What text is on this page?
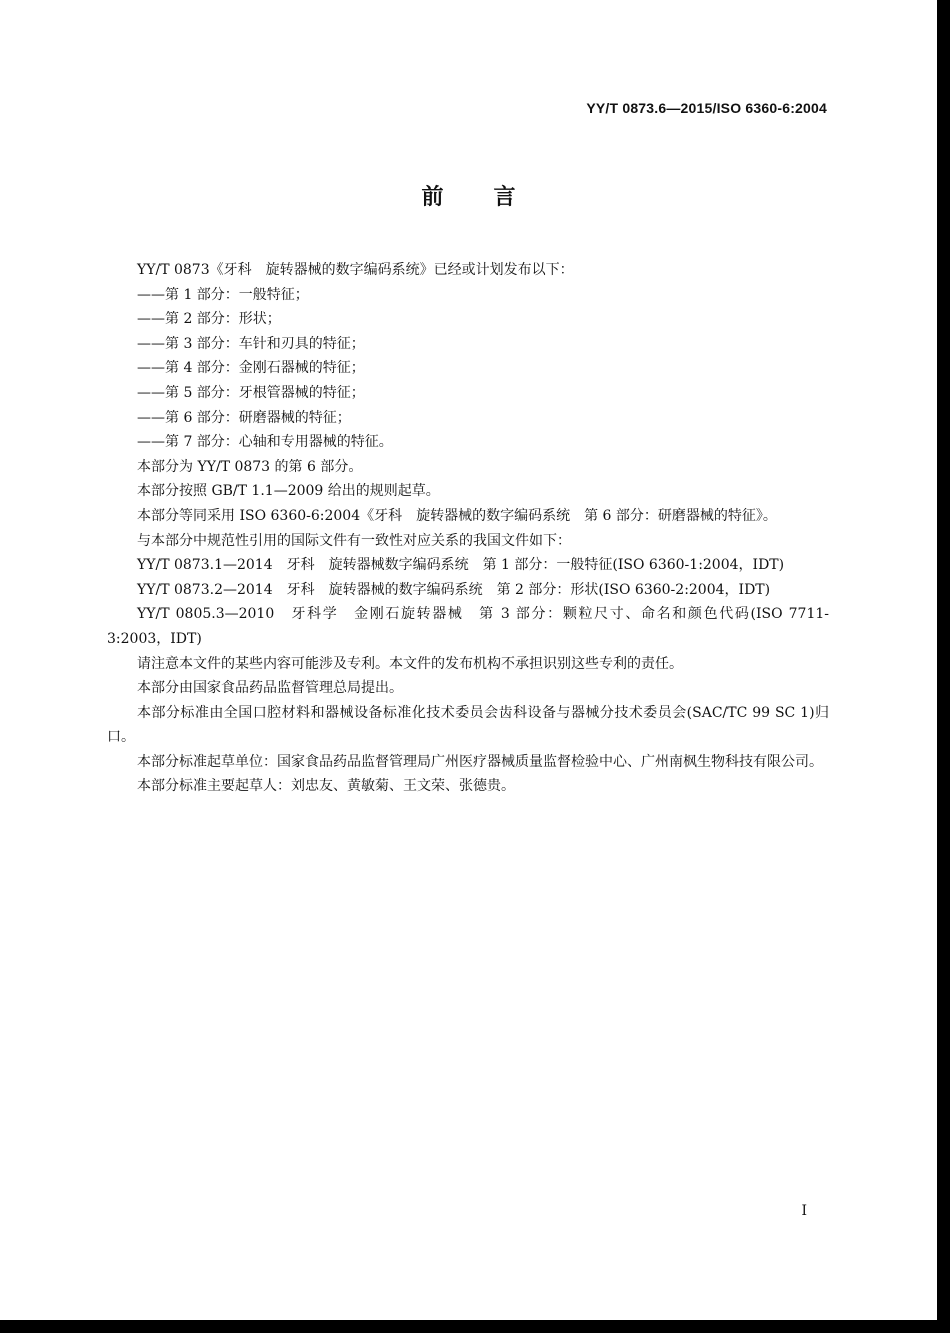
YY/T 0873.6—2015/ISO 6360-6:2004
前言

YY/T 0873《牙科　旋转器械的数字编码系统》已经或计划发布以下：

——第 1 部分：一般特征；

——第 2 部分：形状；

——第 3 部分：车针和刃具的特征；

——第 4 部分：金刚石器械的特征；

——第 5 部分：牙根管器械的特征；

——第 6 部分：研磨器械的特征；

——第 7 部分：心轴和专用器械的特征。

本部分为 YY/T 0873 的第 6 部分。

本部分按照 GB/T 1.1—2009 给出的规则起草。

本部分等同采用 ISO 6360-6:2004《牙科　旋转器械的数字编码系统　第 6 部分：研磨器械的特征》。

与本部分中规范性引用的国际文件有一致性对应关系的我国文件如下：

YY/T 0873.1—2014　牙科　旋转器械数字编码系统　第 1 部分：一般特征(ISO 6360-1:2004，IDT)

YY/T 0873.2—2014　牙科　旋转器械的数字编码系统　第 2 部分：形状(ISO 6360-2:2004，IDT)

YY/T 0805.3—2010　牙科学　金刚石旋转器械　第 3 部分：颗粒尺寸、命名和颜色代码(ISO 7711-3:2003，IDT)

请注意本文件的某些内容可能涉及专利。本文件的发布机构不承担识别这些专利的责任。

本部分由国家食品药品监督管理总局提出。

本部分标准由全国口腔材料和器械设备标准化技术委员会齿科设备与器械分技术委员会(SAC/TC 99 SC 1)归口。

本部分标准起草单位：国家食品药品监督管理局广州医疗器械质量监督检验中心、广州南枫生物科技有限公司。

本部分标准主要起草人：刘忠友、黄敏菊、王文荣、张德贵。

I
